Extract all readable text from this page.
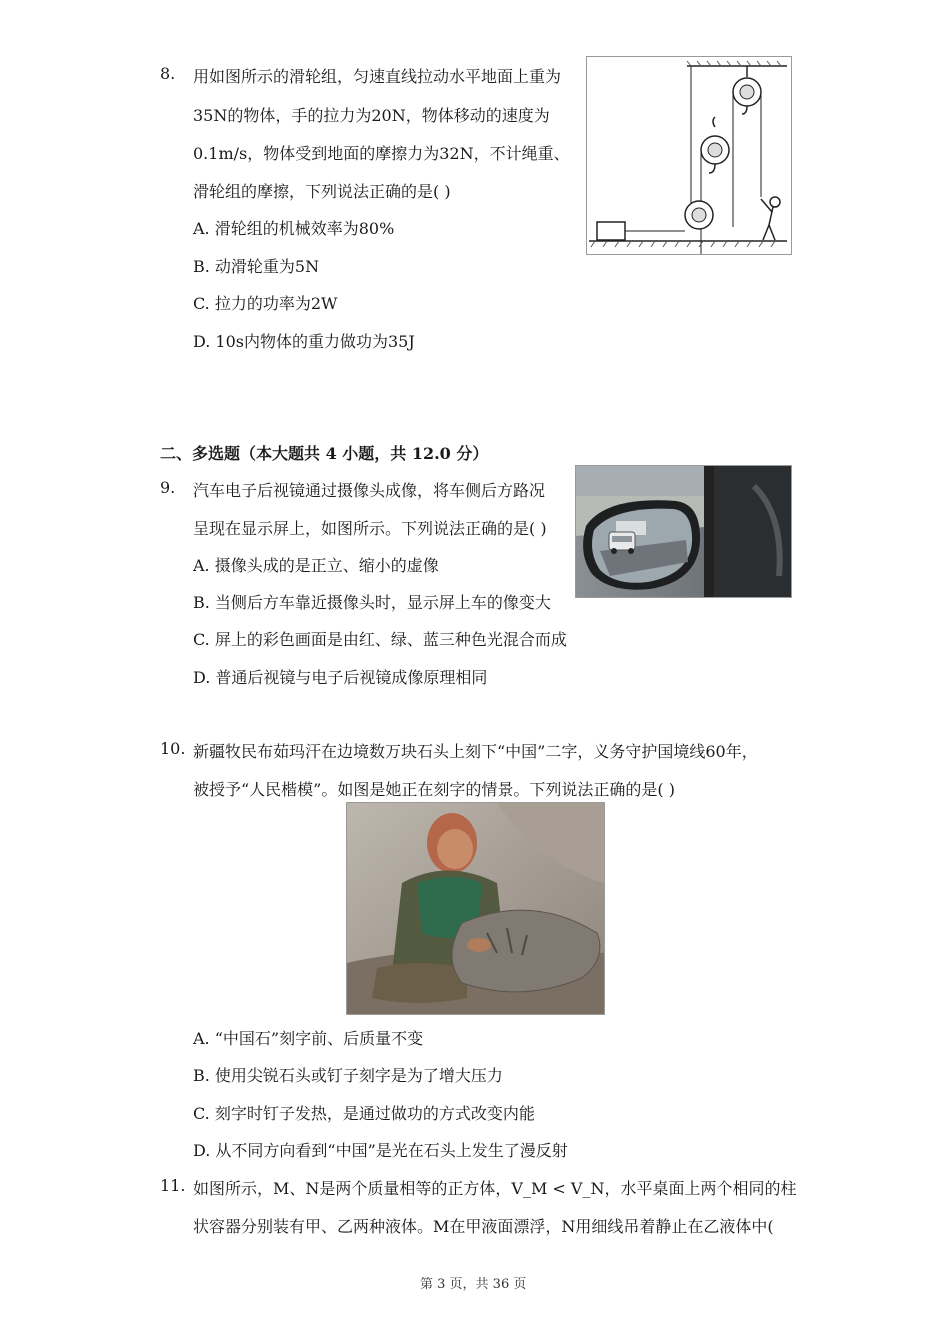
8. 用如图所示的滑轮组，匀速直线拉动水平地面上重为
35N的物体，手的拉力为20N，物体移动的速度为
0.1m/s，物体受到地面的摩擦力为32N，不计绳重、
滑轮组的摩擦，下列说法正确的是( )
A. 滑轮组的机械效率为80%
B. 动滑轮重为5N
C. 拉力的功率为2W
D. 10s内物体的重力做功为35J
二、多选题（本大题共 4 小题，共 12.0 分）
9. 汽车电子后视镜通过摄像头成像，将车侧后方路况
呈现在显示屏上，如图所示。下列说法正确的是( )
A. 摄像头成的是正立、缩小的虚像
B. 当侧后方车靠近摄像头时，显示屏上车的像变大
C. 屏上的彩色画面是由红、绿、蓝三种色光混合而成
D. 普通后视镜与电子后视镜成像原理相同
10. 新疆牧民布茹玛汗在边境数万块石头上刻下“中国”二字，义务守护国境线60年，
被授予“人民楷模”。如图是她正在刻字的情景。下列说法正确的是( )
A. “中国石”刻字前、后质量不变
B. 使用尖锐石头或钉子刻字是为了增大压力
C. 刻字时钉子发热，是通过做功的方式改变内能
D. 从不同方向看到“中国”是光在石头上发生了漫反射
11. 如图所示，M、N是两个质量相等的正方体，V_M < V_N，水平桌面上两个相同的柱
状容器分别装有甲、乙两种液体。M在甲液面漂浮，N用细线吊着静止在乙液体中(
第 3 页，共 36 页
